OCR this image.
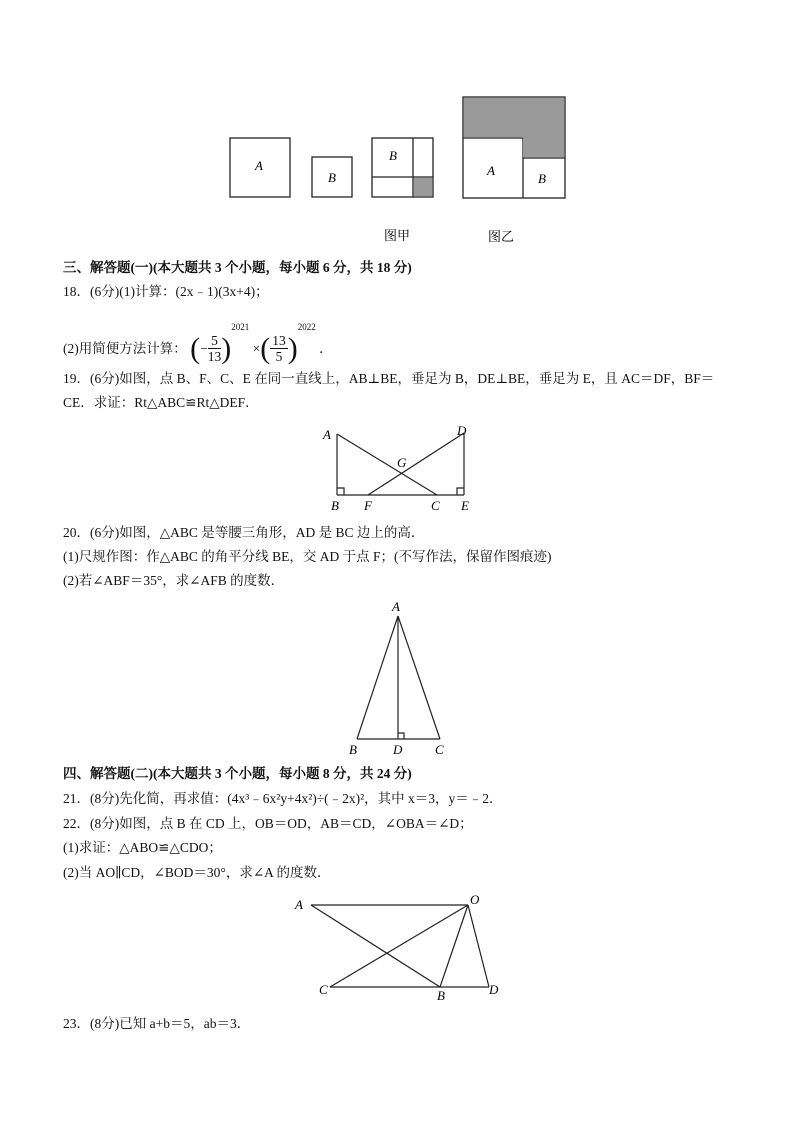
A
B
B
A
B
图甲	图乙
三、解答题(一)(本大题共 3 个小题，每小题 6 分，共 18 分)
18．(6分)(1)计算：(2x﹣1)(3x+4)；
(2)用简便方法计算： (− $\frac{5}{13} )^{2021}$ ×( $\frac{13}{5} )^{2022}$ ．
19．(6分)如图，点 B、F、C、E 在同一直线上，AB⊥BE，垂足为 B，DE⊥BE，垂足为 E，且 AC＝DF，BF＝
CE．求证：Rt△ABC≌Rt△DEF．
A	D
G
B F	C E
20．(6分)如图，△ABC 是等腰三角形，AD 是 BC 边上的高．
(1)尺规作图：作△ABC 的角平分线 BE，交 AD 于点 F；(不写作法，保留作图痕迹)
(2)若∠ABF＝35°，求∠AFB 的度数．
A
B	D	C
四、解答题(二)(本大题共 3 个小题，每小题 8 分，共 24 分)
21．(8分)先化简，再求值：(4x³﹣6x²y+4x²)÷(﹣2x)²，其中 x＝3，y＝﹣2．
22．(8分)如图，点 B 在 CD 上，OB＝OD，AB＝CD，∠OBA＝∠D；
(1)求证：△ABO≌△CDO；
(2)当 AO∥CD，∠BOD＝30°，求∠A 的度数．
A	O
C	B	D
23．(8分)已知 a+b＝5，ab＝3．
